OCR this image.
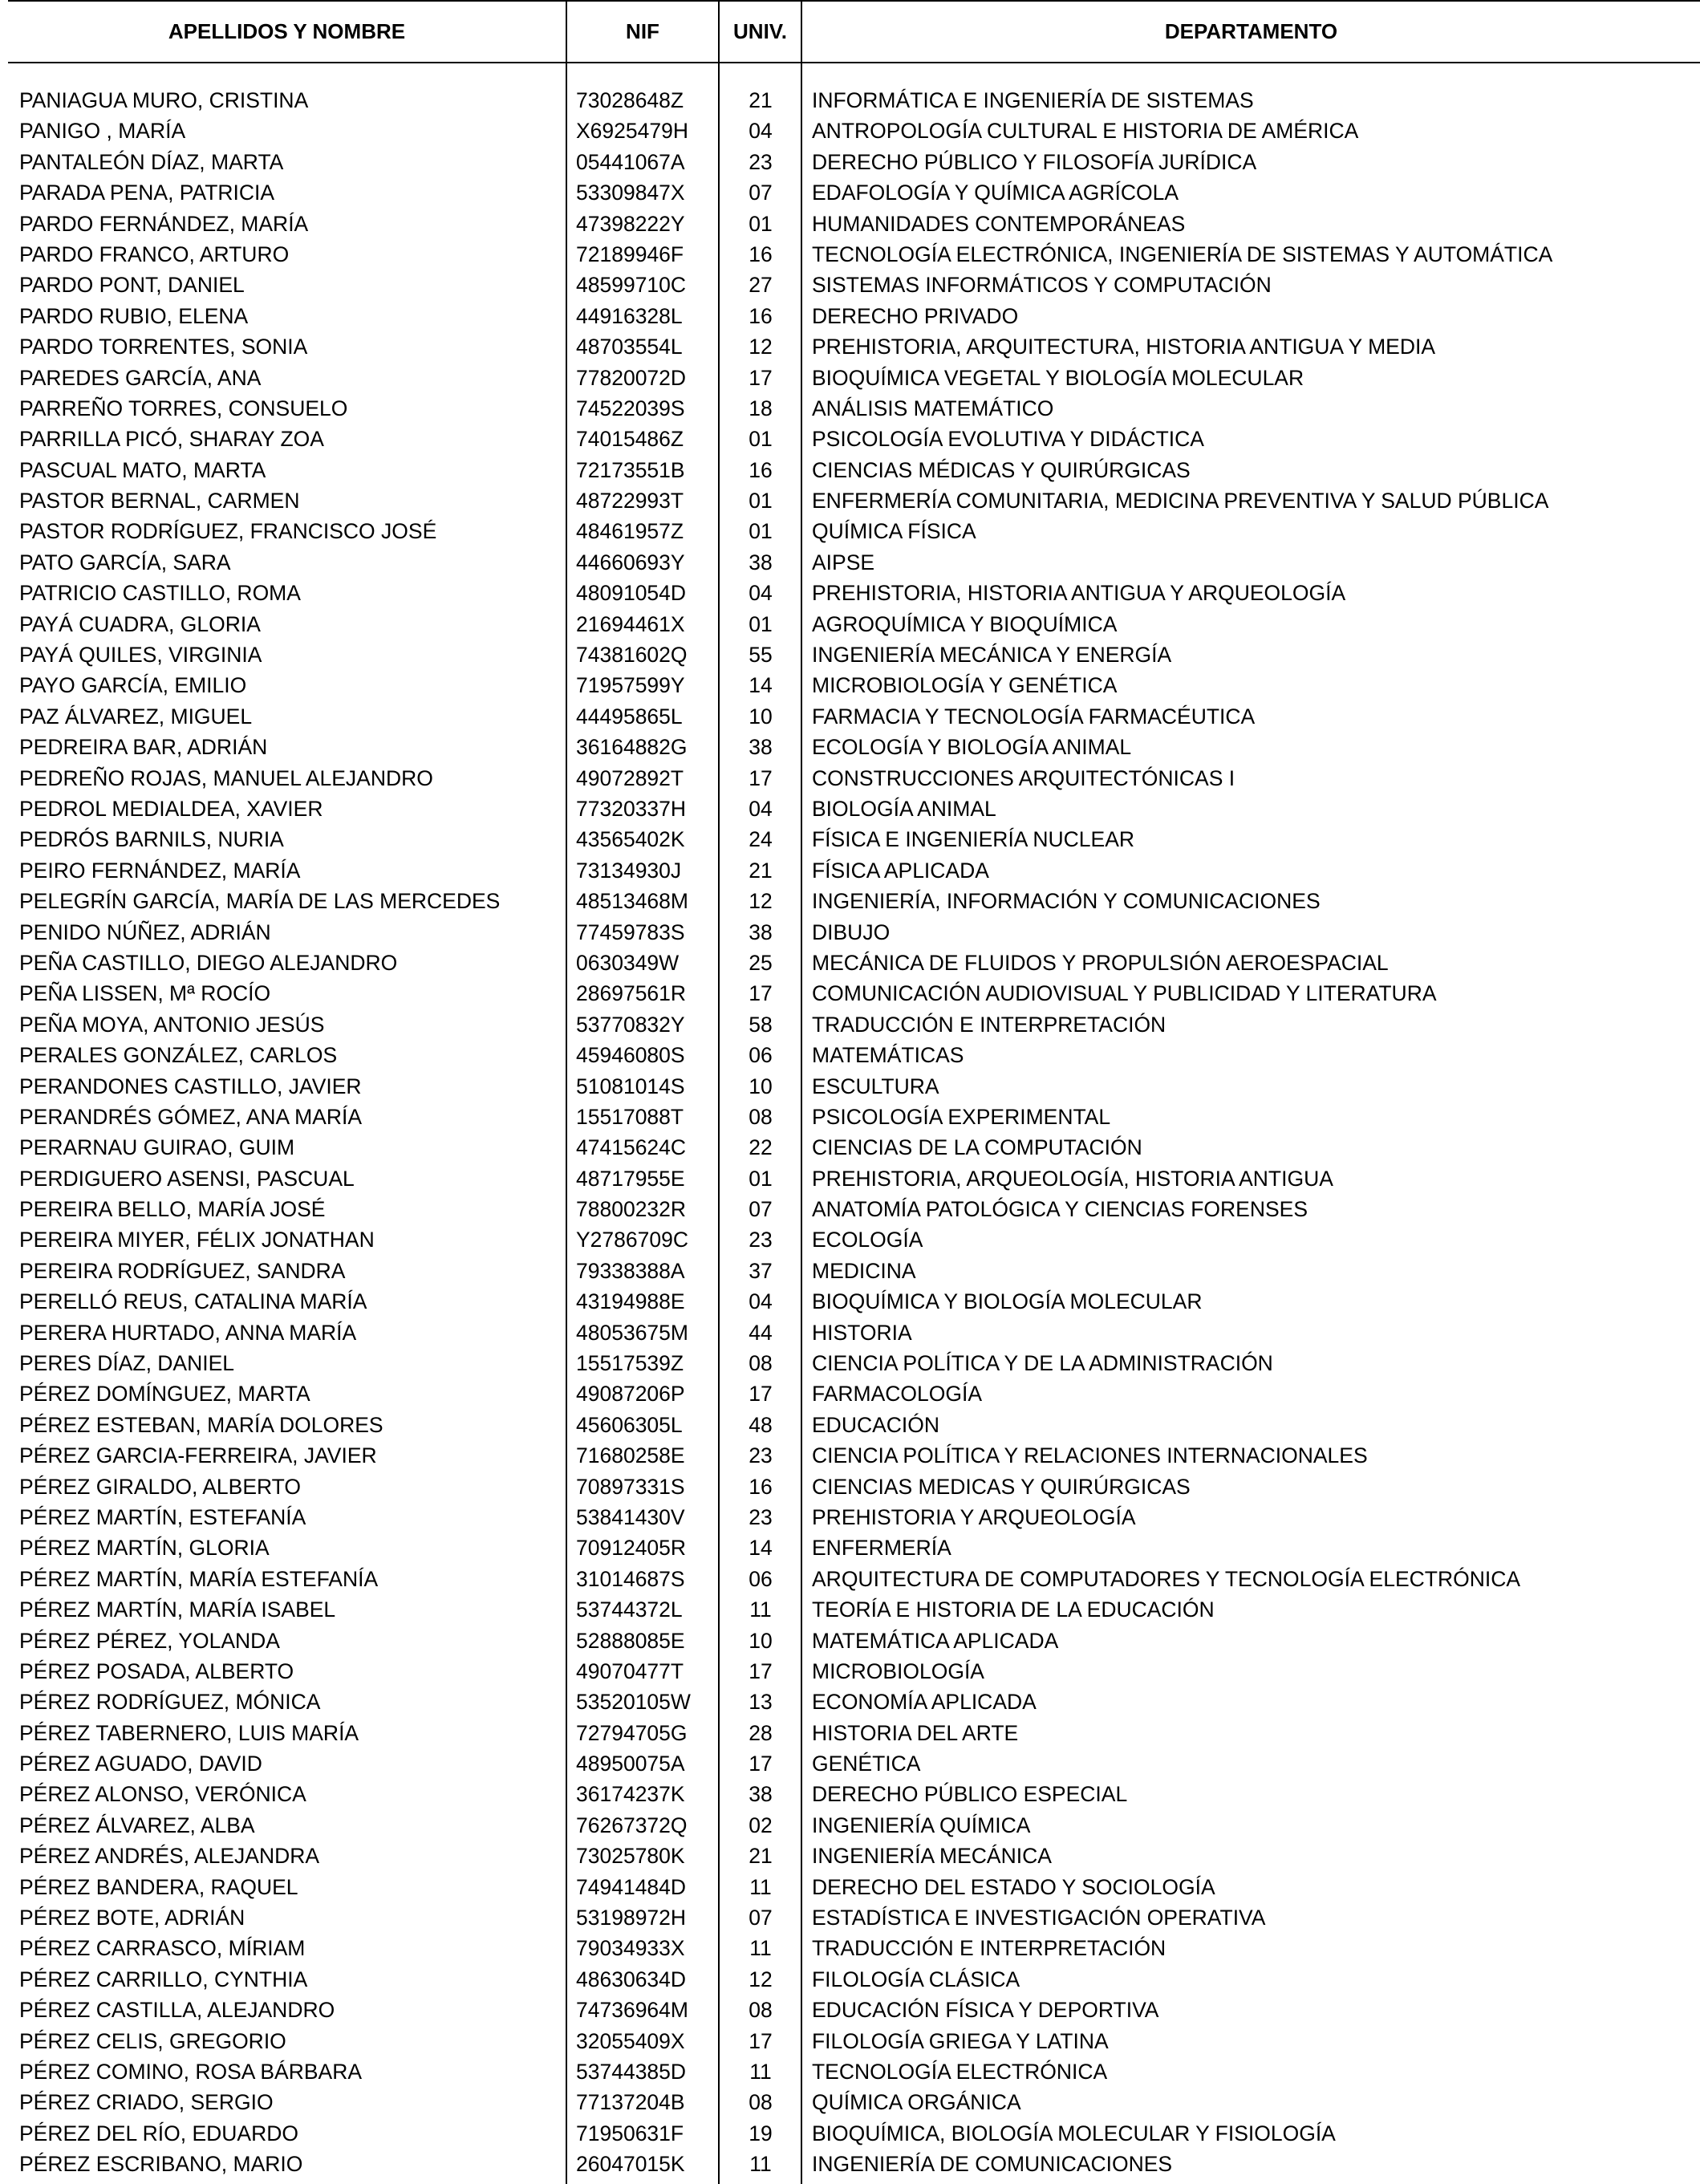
APELLIDOS Y NOMBRE	NIF	UNIV.	DEPARTAMENTO
PANIAGUA MURO, CRISTINA	73028648Z	21	INFORMÁTICA E INGENIERÍA DE SISTEMAS
PANIGO , MARÍA	X6925479H	04	ANTROPOLOGÍA CULTURAL E HISTORIA DE AMÉRICA
PANTALEÓN DÍAZ, MARTA	05441067A	23	DERECHO PÚBLICO Y FILOSOFÍA JURÍDICA
PARADA PENA, PATRICIA	53309847X	07	EDAFOLOGÍA Y QUÍMICA AGRÍCOLA
PARDO FERNÁNDEZ, MARÍA	47398222Y	01	HUMANIDADES CONTEMPORÁNEAS
PARDO FRANCO, ARTURO	72189946F	16	TECNOLOGÍA ELECTRÓNICA, INGENIERÍA DE SISTEMAS Y AUTOMÁTICA
PARDO PONT, DANIEL	48599710C	27	SISTEMAS INFORMÁTICOS Y COMPUTACIÓN
PARDO RUBIO, ELENA	44916328L	16	DERECHO PRIVADO
PARDO TORRENTES, SONIA	48703554L	12	PREHISTORIA, ARQUITECTURA, HISTORIA ANTIGUA Y MEDIA
PAREDES GARCÍA, ANA	77820072D	17	BIOQUÍMICA VEGETAL Y BIOLOGÍA MOLECULAR
PARREÑO TORRES, CONSUELO	74522039S	18	ANÁLISIS MATEMÁTICO
PARRILLA PICÓ, SHARAY ZOA	74015486Z	01	PSICOLOGÍA EVOLUTIVA Y DIDÁCTICA
PASCUAL MATO, MARTA	72173551B	16	CIENCIAS MÉDICAS Y QUIRÚRGICAS
PASTOR BERNAL, CARMEN	48722993T	01	ENFERMERÍA COMUNITARIA, MEDICINA PREVENTIVA Y SALUD PÚBLICA
PASTOR RODRÍGUEZ, FRANCISCO JOSÉ	48461957Z	01	QUÍMICA FÍSICA
PATO GARCÍA, SARA	44660693Y	38	AIPSE
PATRICIO CASTILLO, ROMA	48091054D	04	PREHISTORIA, HISTORIA ANTIGUA Y ARQUEOLOGÍA
PAYÁ CUADRA, GLORIA	21694461X	01	AGROQUÍMICA Y BIOQUÍMICA
PAYÁ QUILES, VIRGINIA	74381602Q	55	INGENIERÍA MECÁNICA Y ENERGÍA
PAYO GARCÍA, EMILIO	71957599Y	14	MICROBIOLOGÍA Y GENÉTICA
PAZ ÁLVAREZ, MIGUEL	44495865L	10	FARMACIA Y TECNOLOGÍA FARMACÉUTICA
PEDREIRA BAR, ADRIÁN	36164882G	38	ECOLOGÍA Y BIOLOGÍA ANIMAL
PEDREÑO ROJAS, MANUEL ALEJANDRO	49072892T	17	CONSTRUCCIONES ARQUITECTÓNICAS I
PEDROL MEDIALDEA, XAVIER	77320337H	04	BIOLOGÍA ANIMAL
PEDRÓS BARNILS, NURIA	43565402K	24	FÍSICA E INGENIERÍA NUCLEAR
PEIRO FERNÁNDEZ, MARÍA	73134930J	21	FÍSICA APLICADA
PELEGRÍN GARCÍA, MARÍA DE LAS MERCEDES	48513468M	12	INGENIERÍA, INFORMACIÓN Y COMUNICACIONES
PENIDO NÚÑEZ, ADRIÁN	77459783S	38	DIBUJO
PEÑA CASTILLO, DIEGO ALEJANDRO	0630349W	25	MECÁNICA DE FLUIDOS Y PROPULSIÓN AEROESPACIAL
PEÑA LISSEN, Mª ROCÍO	28697561R	17	COMUNICACIÓN AUDIOVISUAL Y PUBLICIDAD Y LITERATURA
PEÑA MOYA, ANTONIO JESÚS	53770832Y	58	TRADUCCIÓN E INTERPRETACIÓN
PERALES GONZÁLEZ, CARLOS	45946080S	06	MATEMÁTICAS
PERANDONES CASTILLO, JAVIER	51081014S	10	ESCULTURA
PERANDRÉS GÓMEZ, ANA MARÍA	15517088T	08	PSICOLOGÍA EXPERIMENTAL
PERARNAU GUIRAO, GUIM	47415624C	22	CIENCIAS DE LA COMPUTACIÓN
PERDIGUERO ASENSI, PASCUAL	48717955E	01	PREHISTORIA, ARQUEOLOGÍA, HISTORIA ANTIGUA
PEREIRA BELLO, MARÍA JOSÉ	78800232R	07	ANATOMÍA PATOLÓGICA Y CIENCIAS FORENSES
PEREIRA MIYER, FÉLIX JONATHAN	Y2786709C	23	ECOLOGÍA
PEREIRA RODRÍGUEZ, SANDRA	79338388A	37	MEDICINA
PERELLÓ REUS, CATALINA MARÍA	43194988E	04	BIOQUÍMICA Y BIOLOGÍA MOLECULAR
PERERA HURTADO, ANNA MARÍA	48053675M	44	HISTORIA
PERES DÍAZ, DANIEL	15517539Z	08	CIENCIA POLÍTICA Y DE LA ADMINISTRACIÓN
PÉREZ DOMÍNGUEZ, MARTA	49087206P	17	FARMACOLOGÍA
PÉREZ ESTEBAN, MARÍA DOLORES	45606305L	48	EDUCACIÓN
PÉREZ GARCIA-FERREIRA, JAVIER	71680258E	23	CIENCIA POLÍTICA Y RELACIONES INTERNACIONALES
PÉREZ GIRALDO, ALBERTO	70897331S	16	CIENCIAS MEDICAS Y QUIRÚRGICAS
PÉREZ MARTÍN, ESTEFANÍA	53841430V	23	PREHISTORIA Y ARQUEOLOGÍA
PÉREZ MARTÍN, GLORIA	70912405R	14	ENFERMERÍA
PÉREZ MARTÍN, MARÍA ESTEFANÍA	31014687S	06	ARQUITECTURA DE COMPUTADORES Y TECNOLOGÍA ELECTRÓNICA
PÉREZ MARTÍN, MARÍA ISABEL	53744372L	11	TEORÍA E HISTORIA DE LA EDUCACIÓN
PÉREZ PÉREZ, YOLANDA	52888085E	10	MATEMÁTICA APLICADA
PÉREZ POSADA, ALBERTO	49070477T	17	MICROBIOLOGÍA
PÉREZ RODRÍGUEZ, MÓNICA	53520105W	13	ECONOMÍA APLICADA
PÉREZ TABERNERO, LUIS MARÍA	72794705G	28	HISTORIA DEL ARTE
PÉREZ AGUADO, DAVID	48950075A	17	GENÉTICA
PÉREZ ALONSO, VERÓNICA	36174237K	38	DERECHO PÚBLICO ESPECIAL
PÉREZ ÁLVAREZ, ALBA	76267372Q	02	INGENIERÍA QUÍMICA
PÉREZ ANDRÉS, ALEJANDRA	73025780K	21	INGENIERÍA MECÁNICA
PÉREZ BANDERA, RAQUEL	74941484D	11	DERECHO DEL ESTADO Y SOCIOLOGÍA
PÉREZ BOTE, ADRIÁN	53198972H	07	ESTADÍSTICA E INVESTIGACIÓN OPERATIVA
PÉREZ CARRASCO, MÍRIAM	79034933X	11	TRADUCCIÓN E INTERPRETACIÓN
PÉREZ CARRILLO, CYNTHIA	48630634D	12	FILOLOGÍA CLÁSICA
PÉREZ CASTILLA, ALEJANDRO	74736964M	08	EDUCACIÓN FÍSICA Y DEPORTIVA
PÉREZ CELIS, GREGORIO	32055409X	17	FILOLOGÍA GRIEGA Y LATINA
PÉREZ COMINO, ROSA BÁRBARA	53744385D	11	TECNOLOGÍA ELECTRÓNICA
PÉREZ CRIADO, SERGIO	77137204B	08	QUÍMICA ORGÁNICA
PÉREZ DEL RÍO, EDUARDO	71950631F	19	BIOQUÍMICA, BIOLOGÍA MOLECULAR Y FISIOLOGÍA
PÉREZ ESCRIBANO, MARIO	26047015K	11	INGENIERÍA DE COMUNICACIONES
